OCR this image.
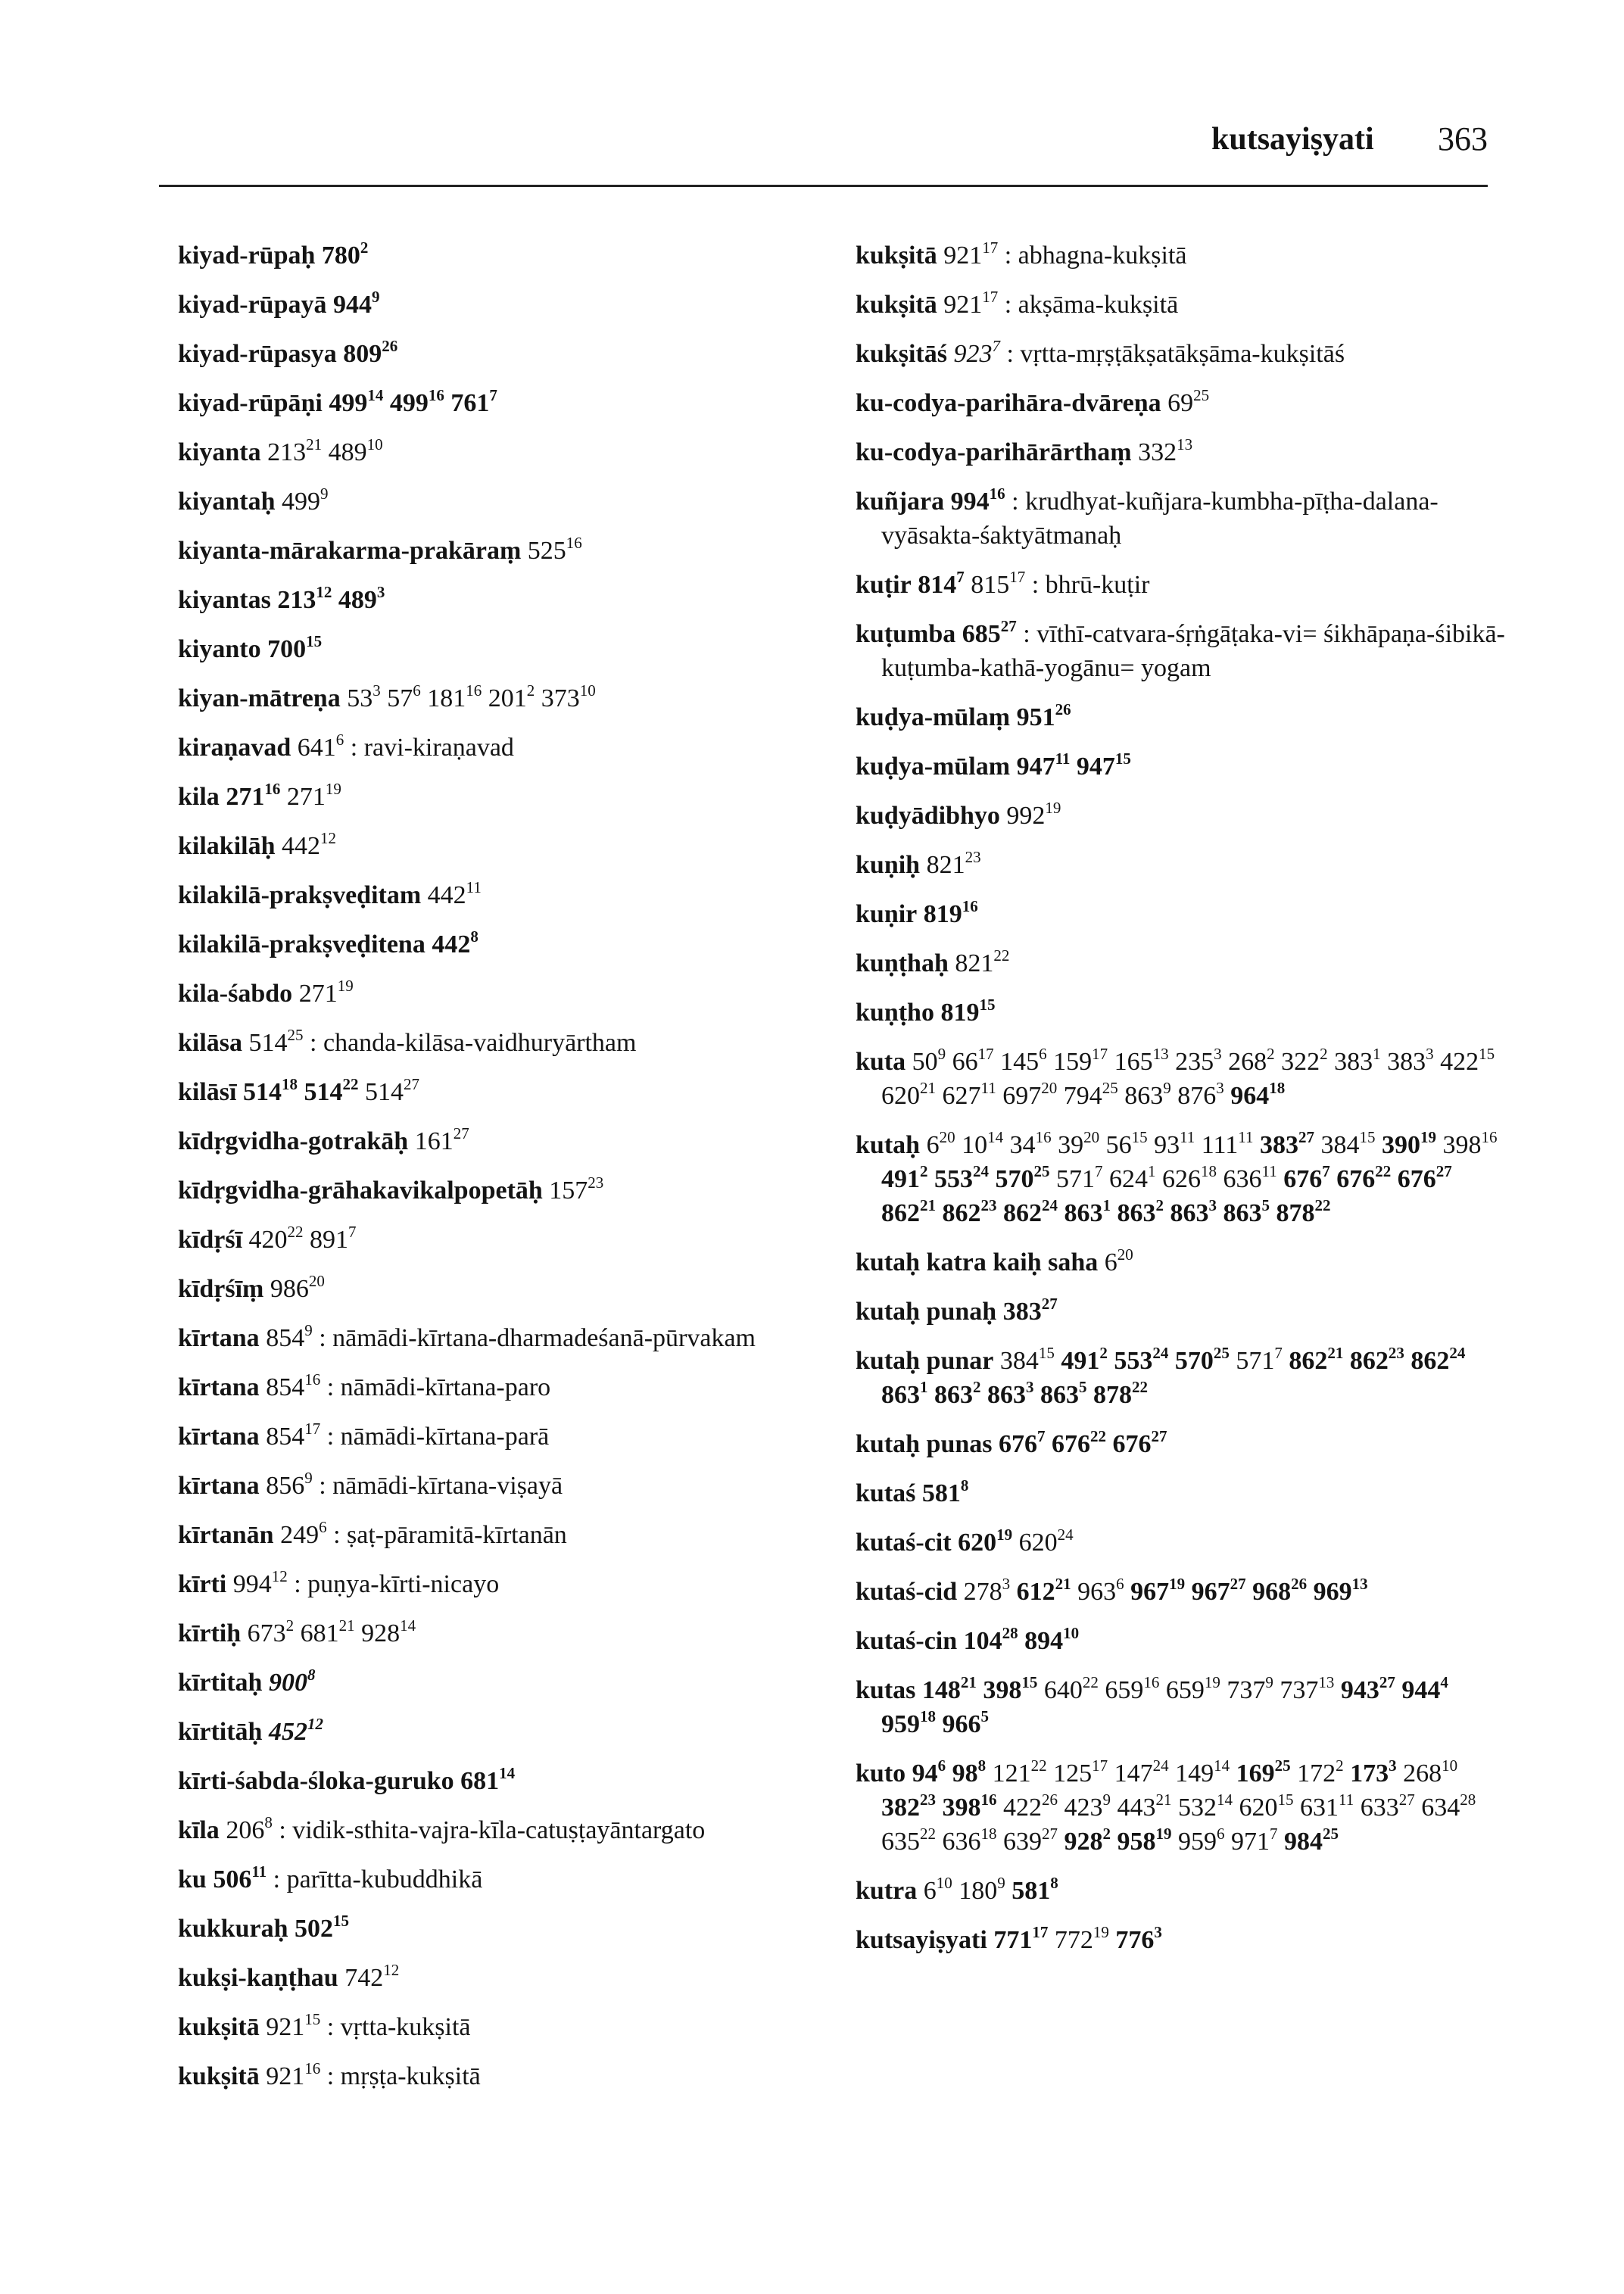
kutsayiṣyati 363
kiyad-rūpaḥ $780^2$
kiyad-rūpayā $944^9$
kiyad-rūpasya $809^{26}$
kiyad-rūpāṇi $499^{14}$ $499^{16}$ $761^7$
kiyanta $213^{21}$ $489^{10}$
kiyantaḥ $499^9$
kiyanta-mārakarma-prakāraṃ $525^{16}$
kiyantas $213^{12}$ $489^3$
kiyanto $700^{15}$
kiyan-mātreṇa $53^3$ $57^6$ $181^{16}$ $201^2$ $373^{10}$
kiraṇavad $641^6$ : ravi-kiraṇavad
kila $271^{16}$ $271^{19}$
kilakilāḥ $442^{12}$
kilakilā-prakṣveḍitam $442^{11}$
kilakilā-prakṣveḍitena $442^8$
kila-śabdo $271^{19}$
kilāsa $514^{25}$ : chanda-kilāsa-vaidhuryārtham
kilāsī $514^{18}$ $514^{22}$ $514^{27}$
kīdṛgvidha-gotrakāḥ $161^{27}$
kīdṛgvidha-grāhakavikalpopetāḥ $157^{23}$
kīdṛśī $420^{22}$ $891^7$
kīdṛśīṃ $986^{20}$
kīrtana $854^9$ : nāmādi-kīrtana-dharmadeśanā-pūrvakam
kīrtana $854^{16}$ : nāmādi-kīrtana-paro
kīrtana $854^{17}$ : nāmādi-kīrtana-parā
kīrtana $856^9$ : nāmādi-kīrtana-viṣayā
kīrtanān $249^6$ : ṣaṭ-pāramitā-kīrtanān
kīrti $994^{12}$ : puṇya-kīrti-nicayo
kīrtiḥ $673^2$ $681^{21}$ $928^{14}$
kīrtitaḥ $900^8$
kīrtitāḥ $452^{12}$
kīrti-śabda-śloka-guruko $681^{14}$
kīla $206^8$ : vidik-sthita-vajra-kīla-catuṣṭayāntargato
ku $506^{11}$ : parītta-kubuddhikā
kukkuraḥ $502^{15}$
kukṣi-kaṇṭhau $742^{12}$
kukṣitā $921^{15}$ : vṛtta-kukṣitā
kukṣitā $921^{16}$ : mṛṣṭa-kukṣitā
kukṣitā $921^{17}$ : abhagna-kukṣitā
kukṣitā $921^{17}$ : akṣāma-kukṣitā
kukṣitāś $923^7$ : vṛtta-mṛṣṭākṣatākṣāma-kukṣitāś
ku-codya-parihāra-dvāreṇa $69^{25}$
ku-codya-parihārārthaṃ $332^{13}$
kuñjara $994^{16}$ : krudhyat-kuñjara-kumbha-pīṭha-dalana-vyāsakta-śaktyātmanaḥ
kuṭir $814^7$ $815^{17}$ : bhrū-kuṭir
kuṭumba $685^{27}$ : vīthī-catvara-śṛṅgāṭaka-vi= śikhāpaṇa-śibikā-kuṭumba-kathā-yogānu= yogam
kuḍya-mūlaṃ $951^{26}$
kuḍya-mūlam $947^{11}$ $947^{15}$
kuḍyādibhyo $992^{19}$
kuṇiḥ $821^{23}$
kuṇir $819^{16}$
kuṇṭhaḥ $821^{22}$
kuṇṭho $819^{15}$
kuta $50^9$ $66^{17}$ $145^6$ $159^{17}$ $165^{13}$ $235^3$ $268^2$ $322^2$ $383^1$ $383^3$ $422^{15}$ $620^{21}$ $627^{11}$ $697^{20}$ $794^{25}$ $863^9$ $876^3$ $964^{18}$
kutaḥ $6^{20}$ $10^{14}$ $34^{16}$ $39^{20}$ $56^{15}$ $93^{11}$ $111^{11}$ $383^{27}$ $384^{15}$ $390^{19}$ $398^{16}$ $491^2$ $553^{24}$ $570^{25}$ $571^7$ $624^1$ $626^{18}$ $636^{11}$ $676^7$ $676^{22}$ $676^{27}$ $862^{21}$ $862^{23}$ $862^{24}$ $863^1$ $863^2$ $863^3$ $863^5$ $878^{22}$
kutaḥ katra kaiḥ saha $6^{20}$
kutaḥ punaḥ $383^{27}$
kutaḥ punar $384^{15}$ $491^2$ $553^{24}$ $570^{25}$ $571^7$ $862^{21}$ $862^{23}$ $862^{24}$ $863^1$ $863^2$ $863^3$ $863^5$ $878^{22}$
kutaḥ punas $676^7$ $676^{22}$ $676^{27}$
kutaś $581^8$
kutaś-cit $620^{19}$ $620^{24}$
kutaś-cid $278^3$ $612^{21}$ $963^6$ $967^{19}$ $967^{27}$ $968^{26}$ $969^{13}$
kutaś-cin $104^{28}$ $894^{10}$
kutas $148^{21}$ $398^{15}$ $640^{22}$ $659^{16}$ $659^{19}$ $737^9$ $737^{13}$ $943^{27}$ $944^4$ $959^{18}$ $966^5$
kuto $94^6$ $98^8$ $121^{22}$ $125^{17}$ $147^{24}$ $149^{14}$ $169^{25}$ $172^2$ $173^3$ $268^{10}$ $382^{23}$ $398^{16}$ $422^{26}$ $423^9$ $443^{21}$ $532^{14}$ $620^{15}$ $631^{11}$ $633^{27}$ $634^{28}$ $635^{22}$ $636^{18}$ $639^{27}$ $928^2$ $958^{19}$ $959^6$ $971^7$ $984^{25}$
kutra $6^{10}$ $180^9$ $581^8$
kutsayiṣyati $771^{17}$ $772^{19}$ $776^3$
